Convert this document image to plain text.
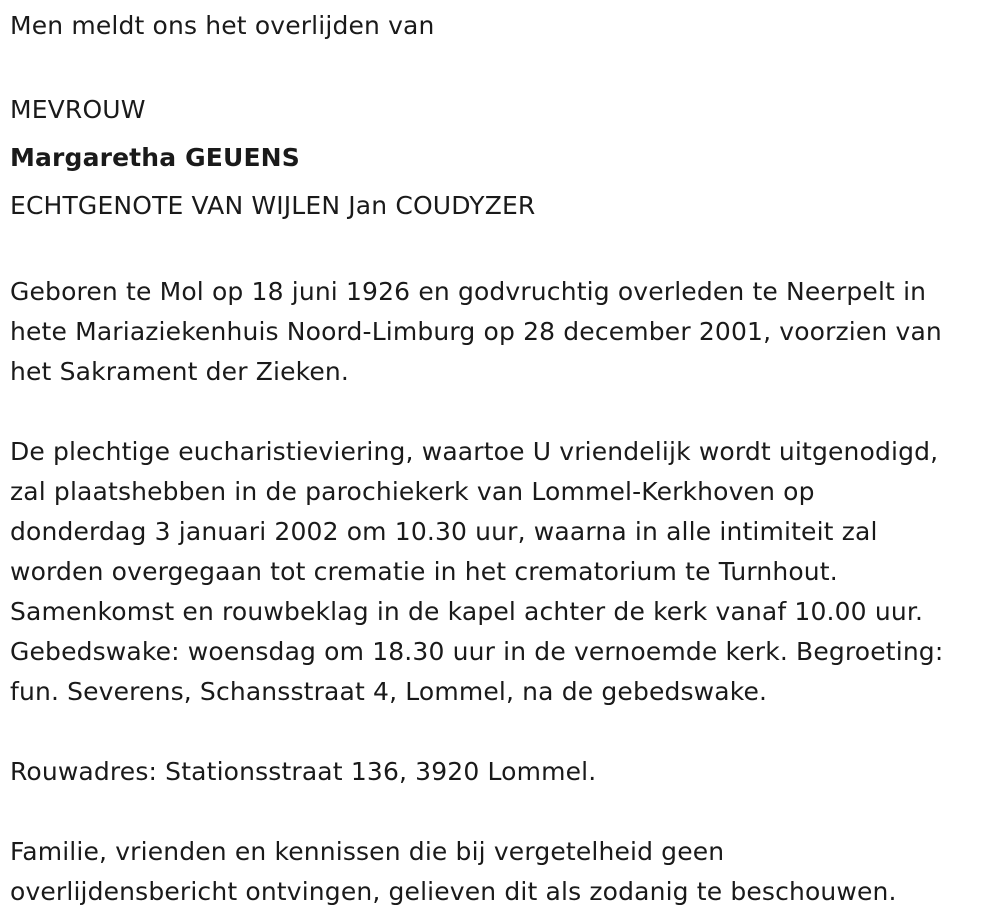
Men meldt ons het overlijden van
MEVROUW
Margaretha GEUENS
ECHTGENOTE VAN WIJLEN Jan COUDYZER
Geboren te Mol op 18 juni 1926 en godvruchtig overleden te Neerpelt in
hete Mariaziekenhuis Noord-Limburg op 28 december 2001, voorzien van
het Sakrament der Zieken.
De plechtige eucharistieviering, waartoe U vriendelijk wordt uitgenodigd,
zal plaatshebben in de parochiekerk van Lommel-Kerkhoven op
donderdag 3 januari 2002 om 10.30 uur, waarna in alle intimiteit zal
worden overgegaan tot crematie in het crematorium te Turnhout.
Samenkomst en rouwbeklag in de kapel achter de kerk vanaf 10.00 uur.
Gebedswake: woensdag om 18.30 uur in de vernoemde kerk. Begroeting:
fun. Severens, Schansstraat 4, Lommel, na de gebedswake.
Rouwadres: Stationsstraat 136, 3920 Lommel.
Familie, vrienden en kennissen die bij vergetelheid geen
overlijdensbericht ontvingen, gelieven dit als zodanig te beschouwen.
